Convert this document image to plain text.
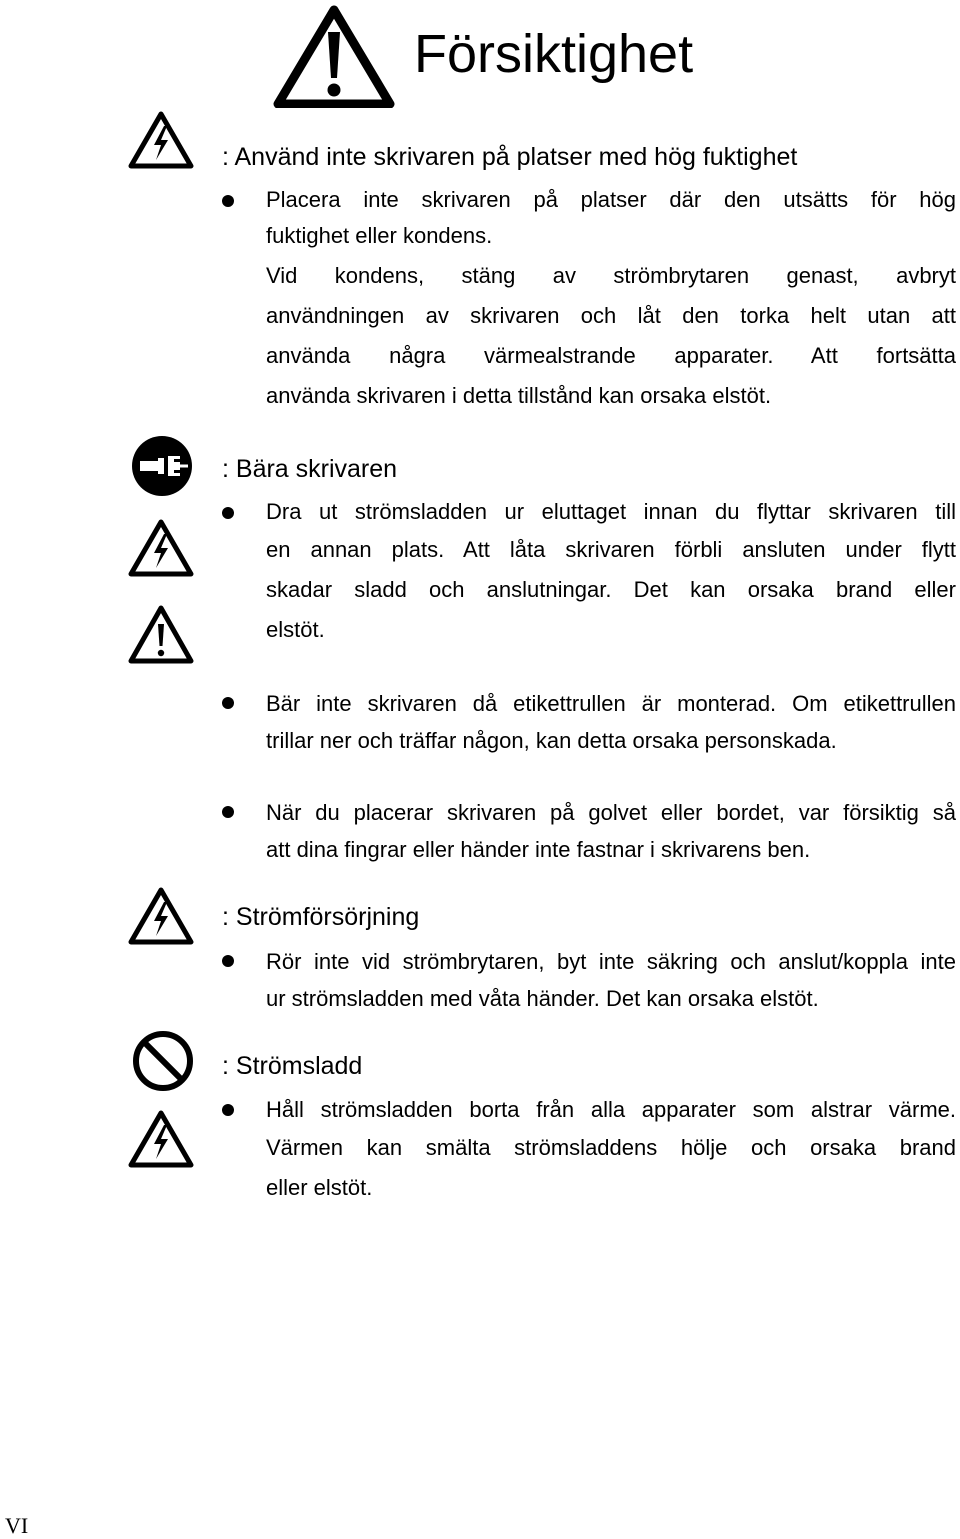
Försiktighet
: Använd inte skrivaren på platser med hög fuktighet
Placera inte skrivaren på platser där den utsätts för hög
fuktighet eller kondens.
Vid kondens, stäng av strömbrytaren genast, avbryt
användningen av skrivaren och låt den torka helt utan att
använda några värmealstrande apparater. Att fortsätta
använda skrivaren i detta tillstånd kan orsaka elstöt.
: Bära skrivaren
Dra ut strömsladden ur eluttaget innan du flyttar skrivaren till
en annan plats. Att låta skrivaren förbli ansluten under flytt
skadar sladd och anslutningar. Det kan orsaka brand eller
elstöt.
Bär inte skrivaren då etikettrullen är monterad. Om etikettrullen
trillar ner och träffar någon, kan detta orsaka personskada.
När du placerar skrivaren på golvet eller bordet, var försiktig så
att dina fingrar eller händer inte fastnar i skrivarens ben.
: Strömförsörjning
Rör inte vid strömbrytaren, byt inte säkring och anslut/koppla inte
ur strömsladden med våta händer. Det kan orsaka elstöt.
: Strömsladd
Håll strömsladden borta från alla apparater som alstrar värme.
Värmen kan smälta strömsladdens hölje och orsaka brand
eller elstöt.
VI
